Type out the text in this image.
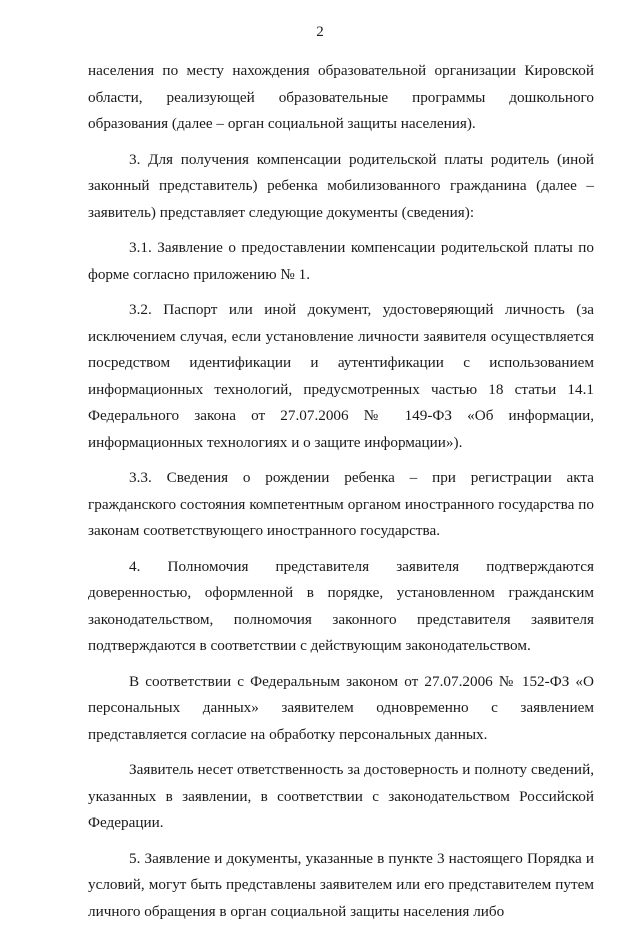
2

населения по месту нахождения образовательной организации Кировской области, реализующей образовательные программы дошкольного образования (далее – орган социальной защиты населения).

3. Для получения компенсации родительской платы родитель (иной законный представитель) ребенка мобилизованного гражданина (далее – заявитель) представляет следующие документы (сведения):

3.1. Заявление о предоставлении компенсации родительской платы по форме согласно приложению № 1.

3.2. Паспорт или иной документ, удостоверяющий личность (за исключением случая, если установление личности заявителя осуществляется посредством идентификации и аутентификации с использованием информационных технологий, предусмотренных частью 18 статьи 14.1 Федерального закона от 27.07.2006 № 149-ФЗ «Об информации, информационных технологиях и о защите информации»).

3.3. Сведения о рождении ребенка – при регистрации акта гражданского состояния компетентным органом иностранного государства по законам соответствующего иностранного государства.

4. Полномочия представителя заявителя подтверждаются доверенностью, оформленной в порядке, установленном гражданским законодательством, полномочия законного представителя заявителя подтверждаются в соответствии с действующим законодательством.

В соответствии с Федеральным законом от 27.07.2006 № 152-ФЗ «О персональных данных» заявителем одновременно с заявлением представляется согласие на обработку персональных данных.

Заявитель несет ответственность за достоверность и полноту сведений, указанных в заявлении, в соответствии с законодательством Российской Федерации.

5. Заявление и документы, указанные в пункте 3 настоящего Порядка и условий, могут быть представлены заявителем или его представителем путем личного обращения в орган социальной защиты населения либо
